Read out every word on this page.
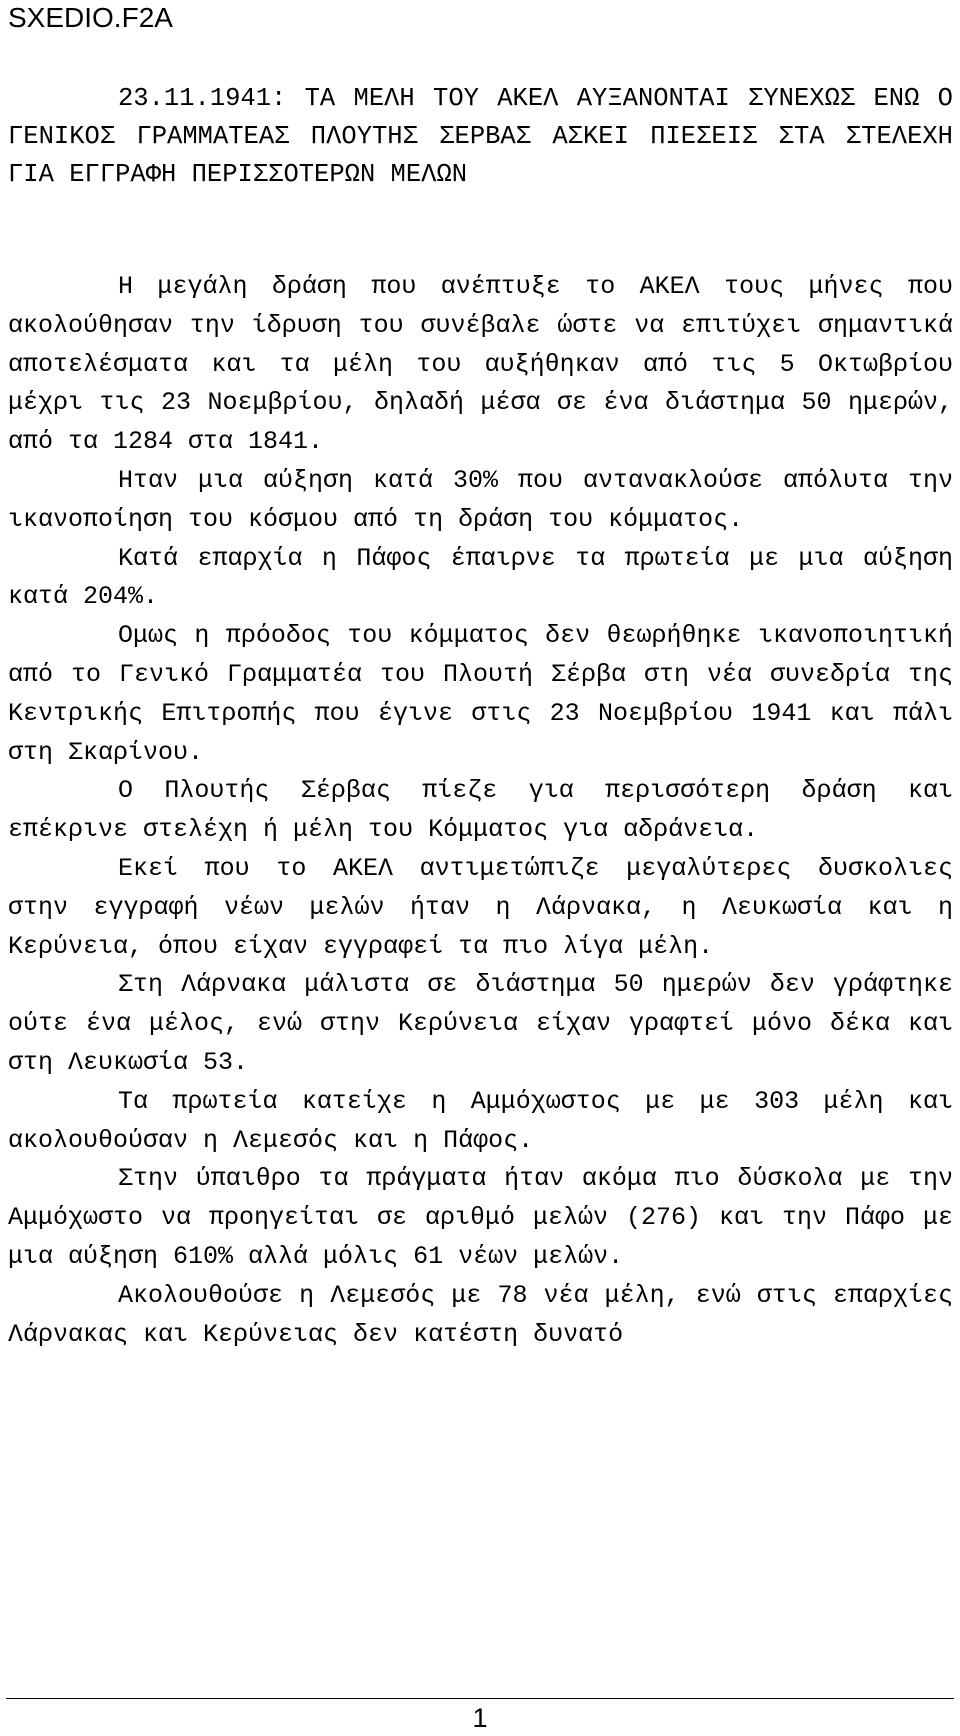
SXEDIO.F2A
23.11.1941: ΤΑ ΜΕΛΗ ΤΟΥ ΑΚΕΛ ΑΥΞΑΝΟΝΤΑΙ ΣΥΝΕΧΩΣ ΕΝΩ Ο ΓΕΝΙΚΟΣ ΓΡΑΜΜΑΤΕΑΣ ΠΛΟΥΤΗΣ ΣΕΡΒΑΣ ΑΣΚΕΙ ΠΙΕΣΕΙΣ ΣΤΑ ΣΤΕΛΕΧΗ ΓΙΑ ΕΓΓΡΑΦΗ ΠΕΡΙΣΣΟΤΕΡΩΝ ΜΕΛΩΝ

Η μεγάλη δράση που ανέπτυξε το ΑΚΕΛ τους μήνες που ακολούθησαν την ίδρυση του συνέβαλε ώστε να επιτύχει σημαντικά αποτελέσματα και τα μέλη του αυξήθηκαν από τις 5 Οκτωβρίου μέχρι τις 23 Νοεμβρίου, δηλαδή μέσα σε ένα διάστημα 50 ημερών, από τα 1284 στα 1841.

Ηταν μια αύξηση κατά 30% που αντανακλούσε απόλυτα την ικανοποίηση του κόσμου από τη δράση του κόμματος.

Κατά επαρχία η Πάφος έπαιρνε τα πρωτεία με μια αύξηση κατά 204%.

Ομως η πρόοδος του κόμματος δεν θεωρήθηκε ικανοποιητική από το Γενικό Γραμματέα του Πλουτή Σέρβα στη νέα συνεδρία της Κεντρικής Επιτροπής που έγινε στις 23 Νοεμβρίου 1941 και πάλι στη Σκαρίνου.

Ο Πλουτής Σέρβας πίεζε για περισσότερη δράση και επέκρινε στελέχη ή μέλη του Κόμματος για αδράνεια.

Εκεί που το ΑΚΕΛ αντιμετώπιζε μεγαλύτερες δυσκολιες στην εγγραφή νέων μελών ήταν η Λάρνακα, η Λευκωσία και η Κερύνεια, όπου είχαν εγγραφεί τα πιο λίγα μέλη.

Στη Λάρνακα μάλιστα σε διάστημα 50 ημερών δεν γράφτηκε ούτε ένα μέλος, ενώ στην Κερύνεια είχαν γραφτεί μόνο δέκα και στη Λευκωσία 53.

Τα πρωτεία κατείχε η Αμμόχωστος με με 303 μέλη και ακολουθούσαν η Λεμεσός και η Πάφος.

Στην ύπαιθρο τα πράγματα ήταν ακόμα πιο δύσκολα με την Αμμόχωστο να προηγείται σε αριθμό μελών (276) και την Πάφο με μια αύξηση 610% αλλά μόλις 61 νέων μελών.

Ακολουθούσε η Λεμεσός με 78 νέα μέλη, ενώ στις επαρχίες Λάρνακας και Κερύνειας δεν κατέστη δυνατό

1
